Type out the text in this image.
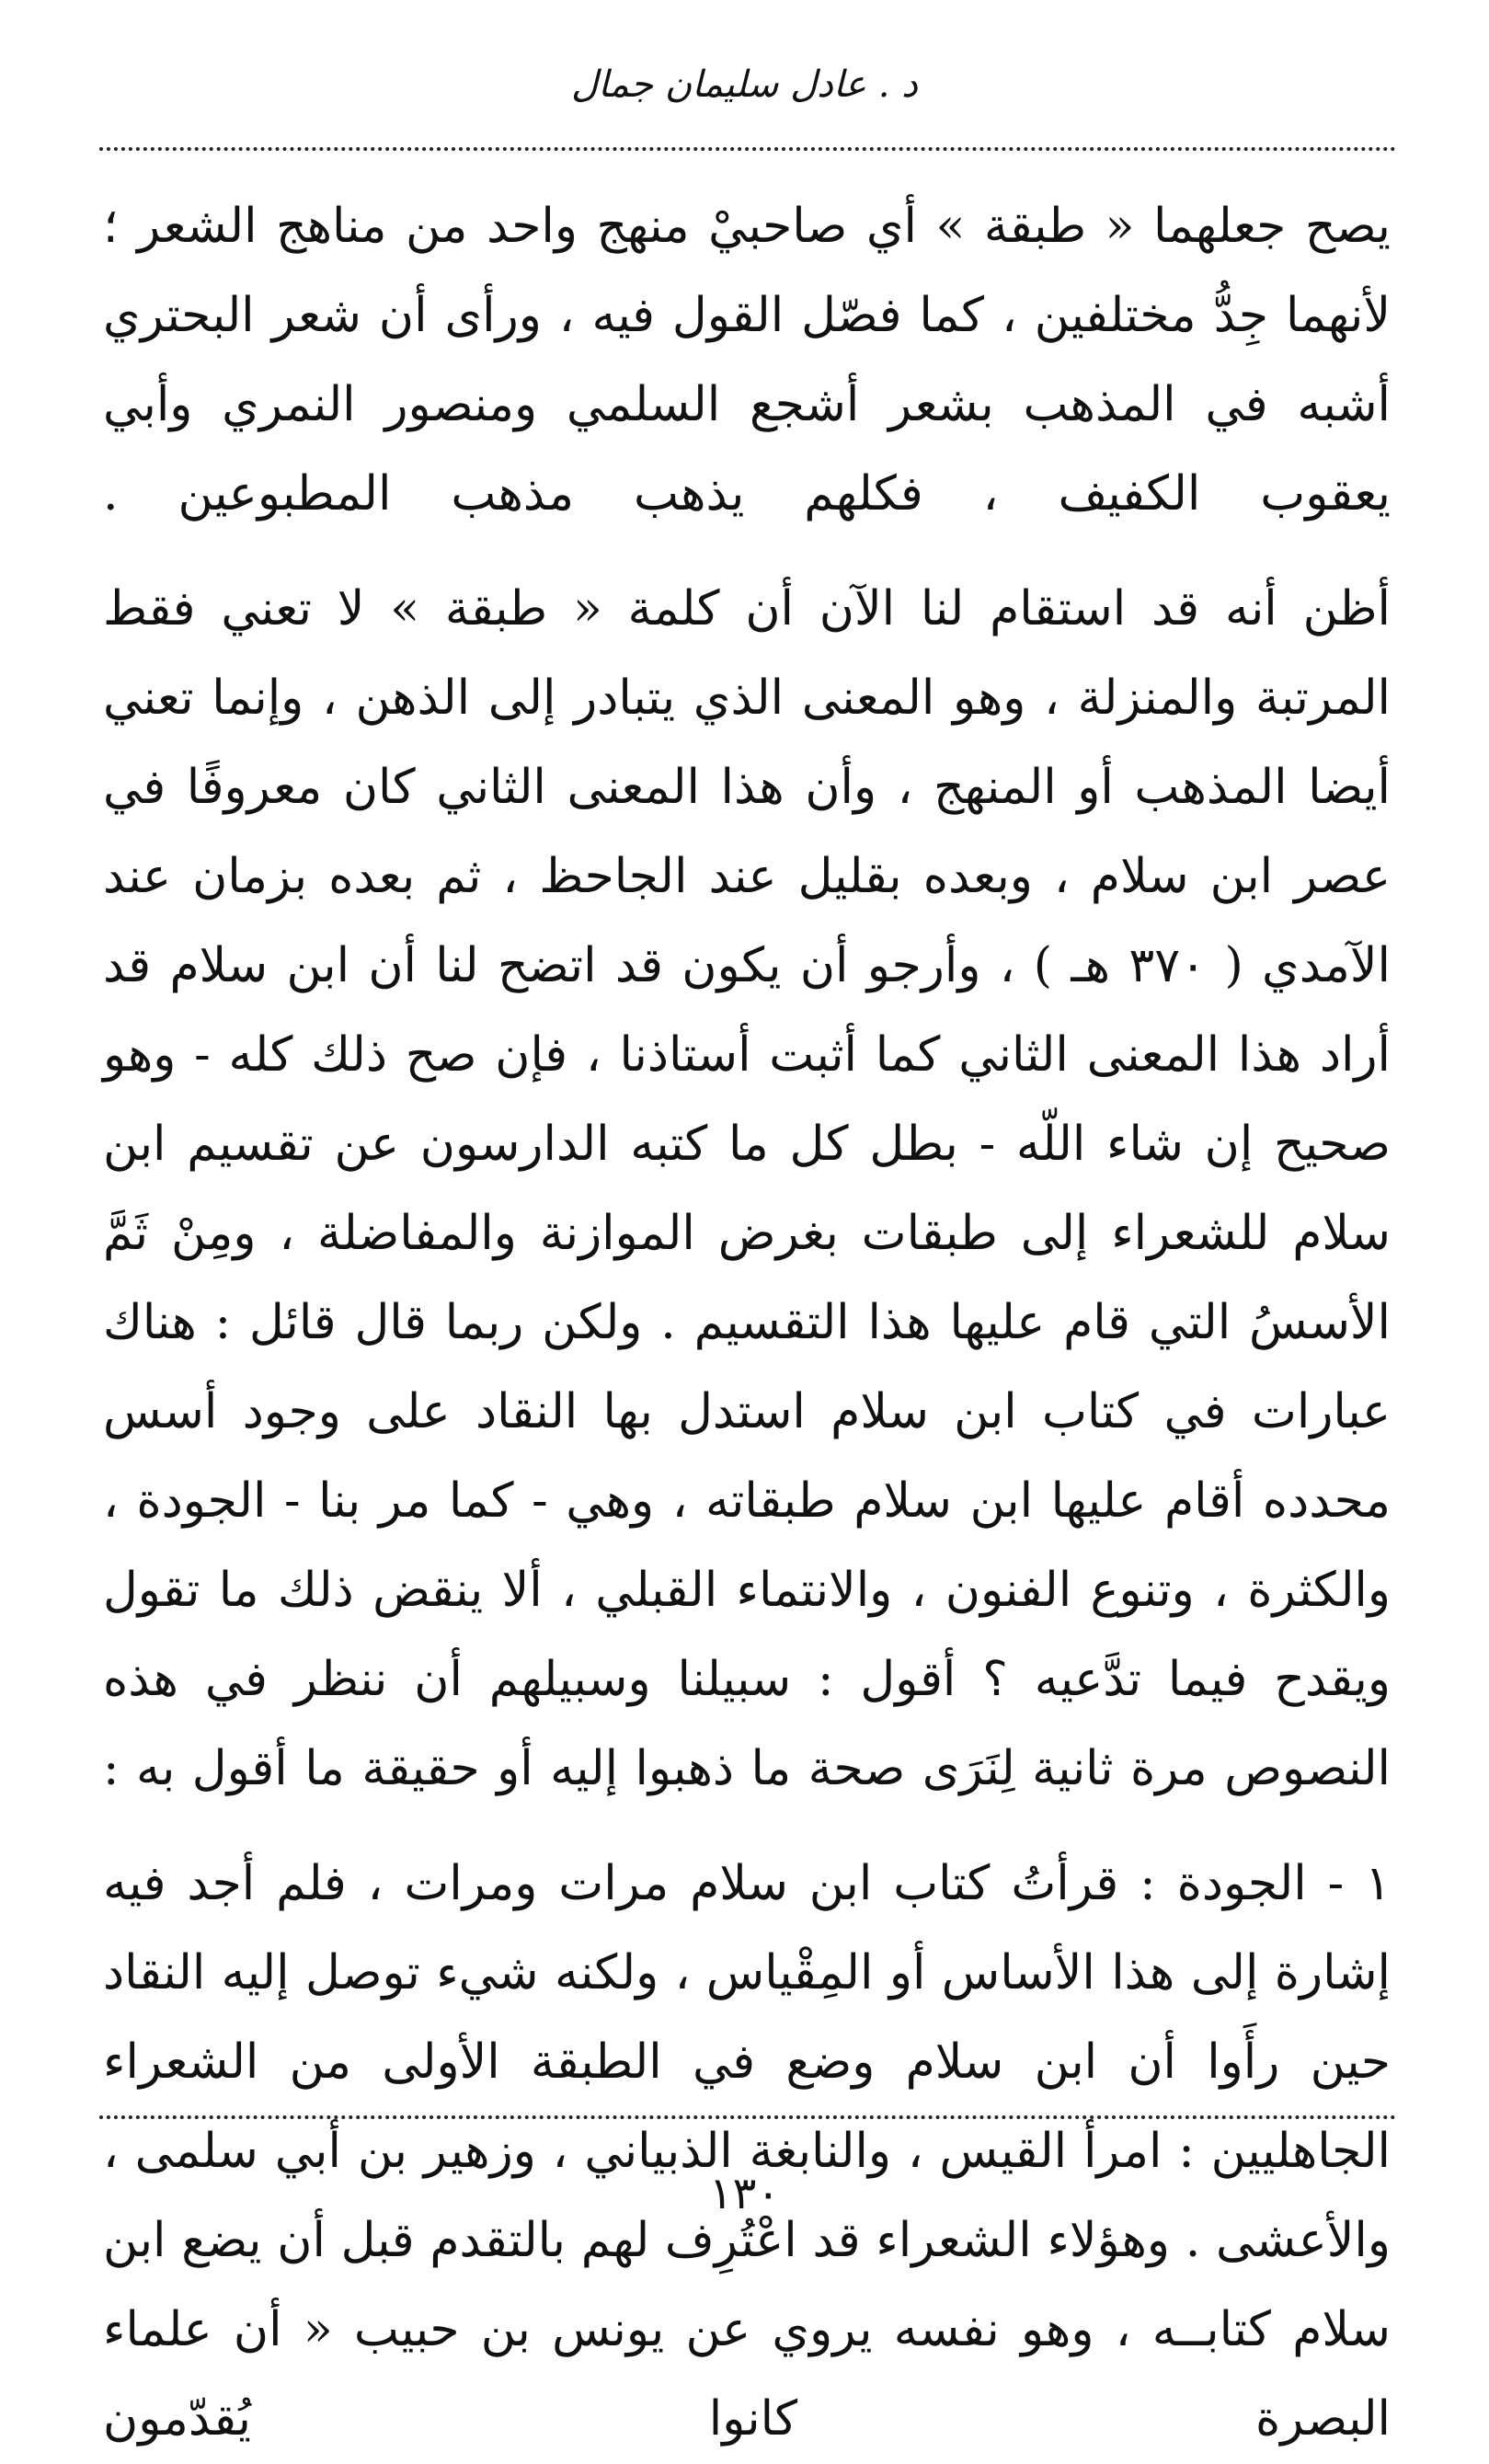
د . عادل سليمان جمال

يصح جعلهما « طبقة » أي صاحبيْ منهج واحد من مناهج الشعر ؛ لأنهما جِدُّ مختلفين ، كما فصّل القول فيه ، ورأى أن شعر البحتري أشبه في المذهب بشعر أشجع السلمي ومنصور النمري وأبي يعقوب الكفيف ، فكلهم يذهب مذهب المطبوعين .

أظن أنه قد استقام لنا الآن أن كلمة « طبقة » لا تعني فقط المرتبة والمنزلة ، وهو المعنى الذي يتبادر إلى الذهن ، وإنما تعني أيضا المذهب أو المنهج ، وأن هذا المعنى الثاني كان معروفًا في عصر ابن سلام ، وبعده بقليل عند الجاحظ ، ثم بعده بزمان عند الآمدي ( ٣٧٠ هـ ) ، وأرجو أن يكون قد اتضح لنا أن ابن سلام قد أراد هذا المعنى الثاني كما أثبت أستاذنا ، فإن صح ذلك كله - وهو صحيح إن شاء اللّه - بطل كل ما كتبه الدارسون عن تقسيم ابن سلام للشعراء إلى طبقات بغرض الموازنة والمفاضلة ، ومِنْ ثَمَّ الأسسُ التي قام عليها هذا التقسيم . ولكن ربما قال قائل : هناك عبارات في كتاب ابن سلام استدل بها النقاد على وجود أسس محدده أقام عليها ابن سلام طبقاته ، وهي - كما مر بنا - الجودة ، والكثرة ، وتنوع الفنون ، والانتماء القبلي ، ألا ينقض ذلك ما تقول ويقدح فيما تدَّعيه ؟ أقول : سبيلنا وسبيلهم أن ننظر في هذه النصوص مرة ثانية لِنَرَى صحة ما ذهبوا إليه أو حقيقة ما أقول به :

١ - الجودة : قرأتُ كتاب ابن سلام مرات ومرات ، فلم أجد فيه إشارة إلى هذا الأساس أو المِقْياس ، ولكنه شيء توصل إليه النقاد حين رأَوا أن ابن سلام وضع في الطبقة الأولى من الشعراء الجاهليين : امرأ القيس ، والنابغة الذبياني ، وزهير بن أبي سلمى ، والأعشى . وهؤلاء الشعراء قد اعْتُرِف لهم بالتقدم قبل أن يضع ابن سلام كتابــه ، وهو نفسه يروي عن يونس بن حبيب « أن علماء البصرة كانوا يُقدّمون

١٣٠
